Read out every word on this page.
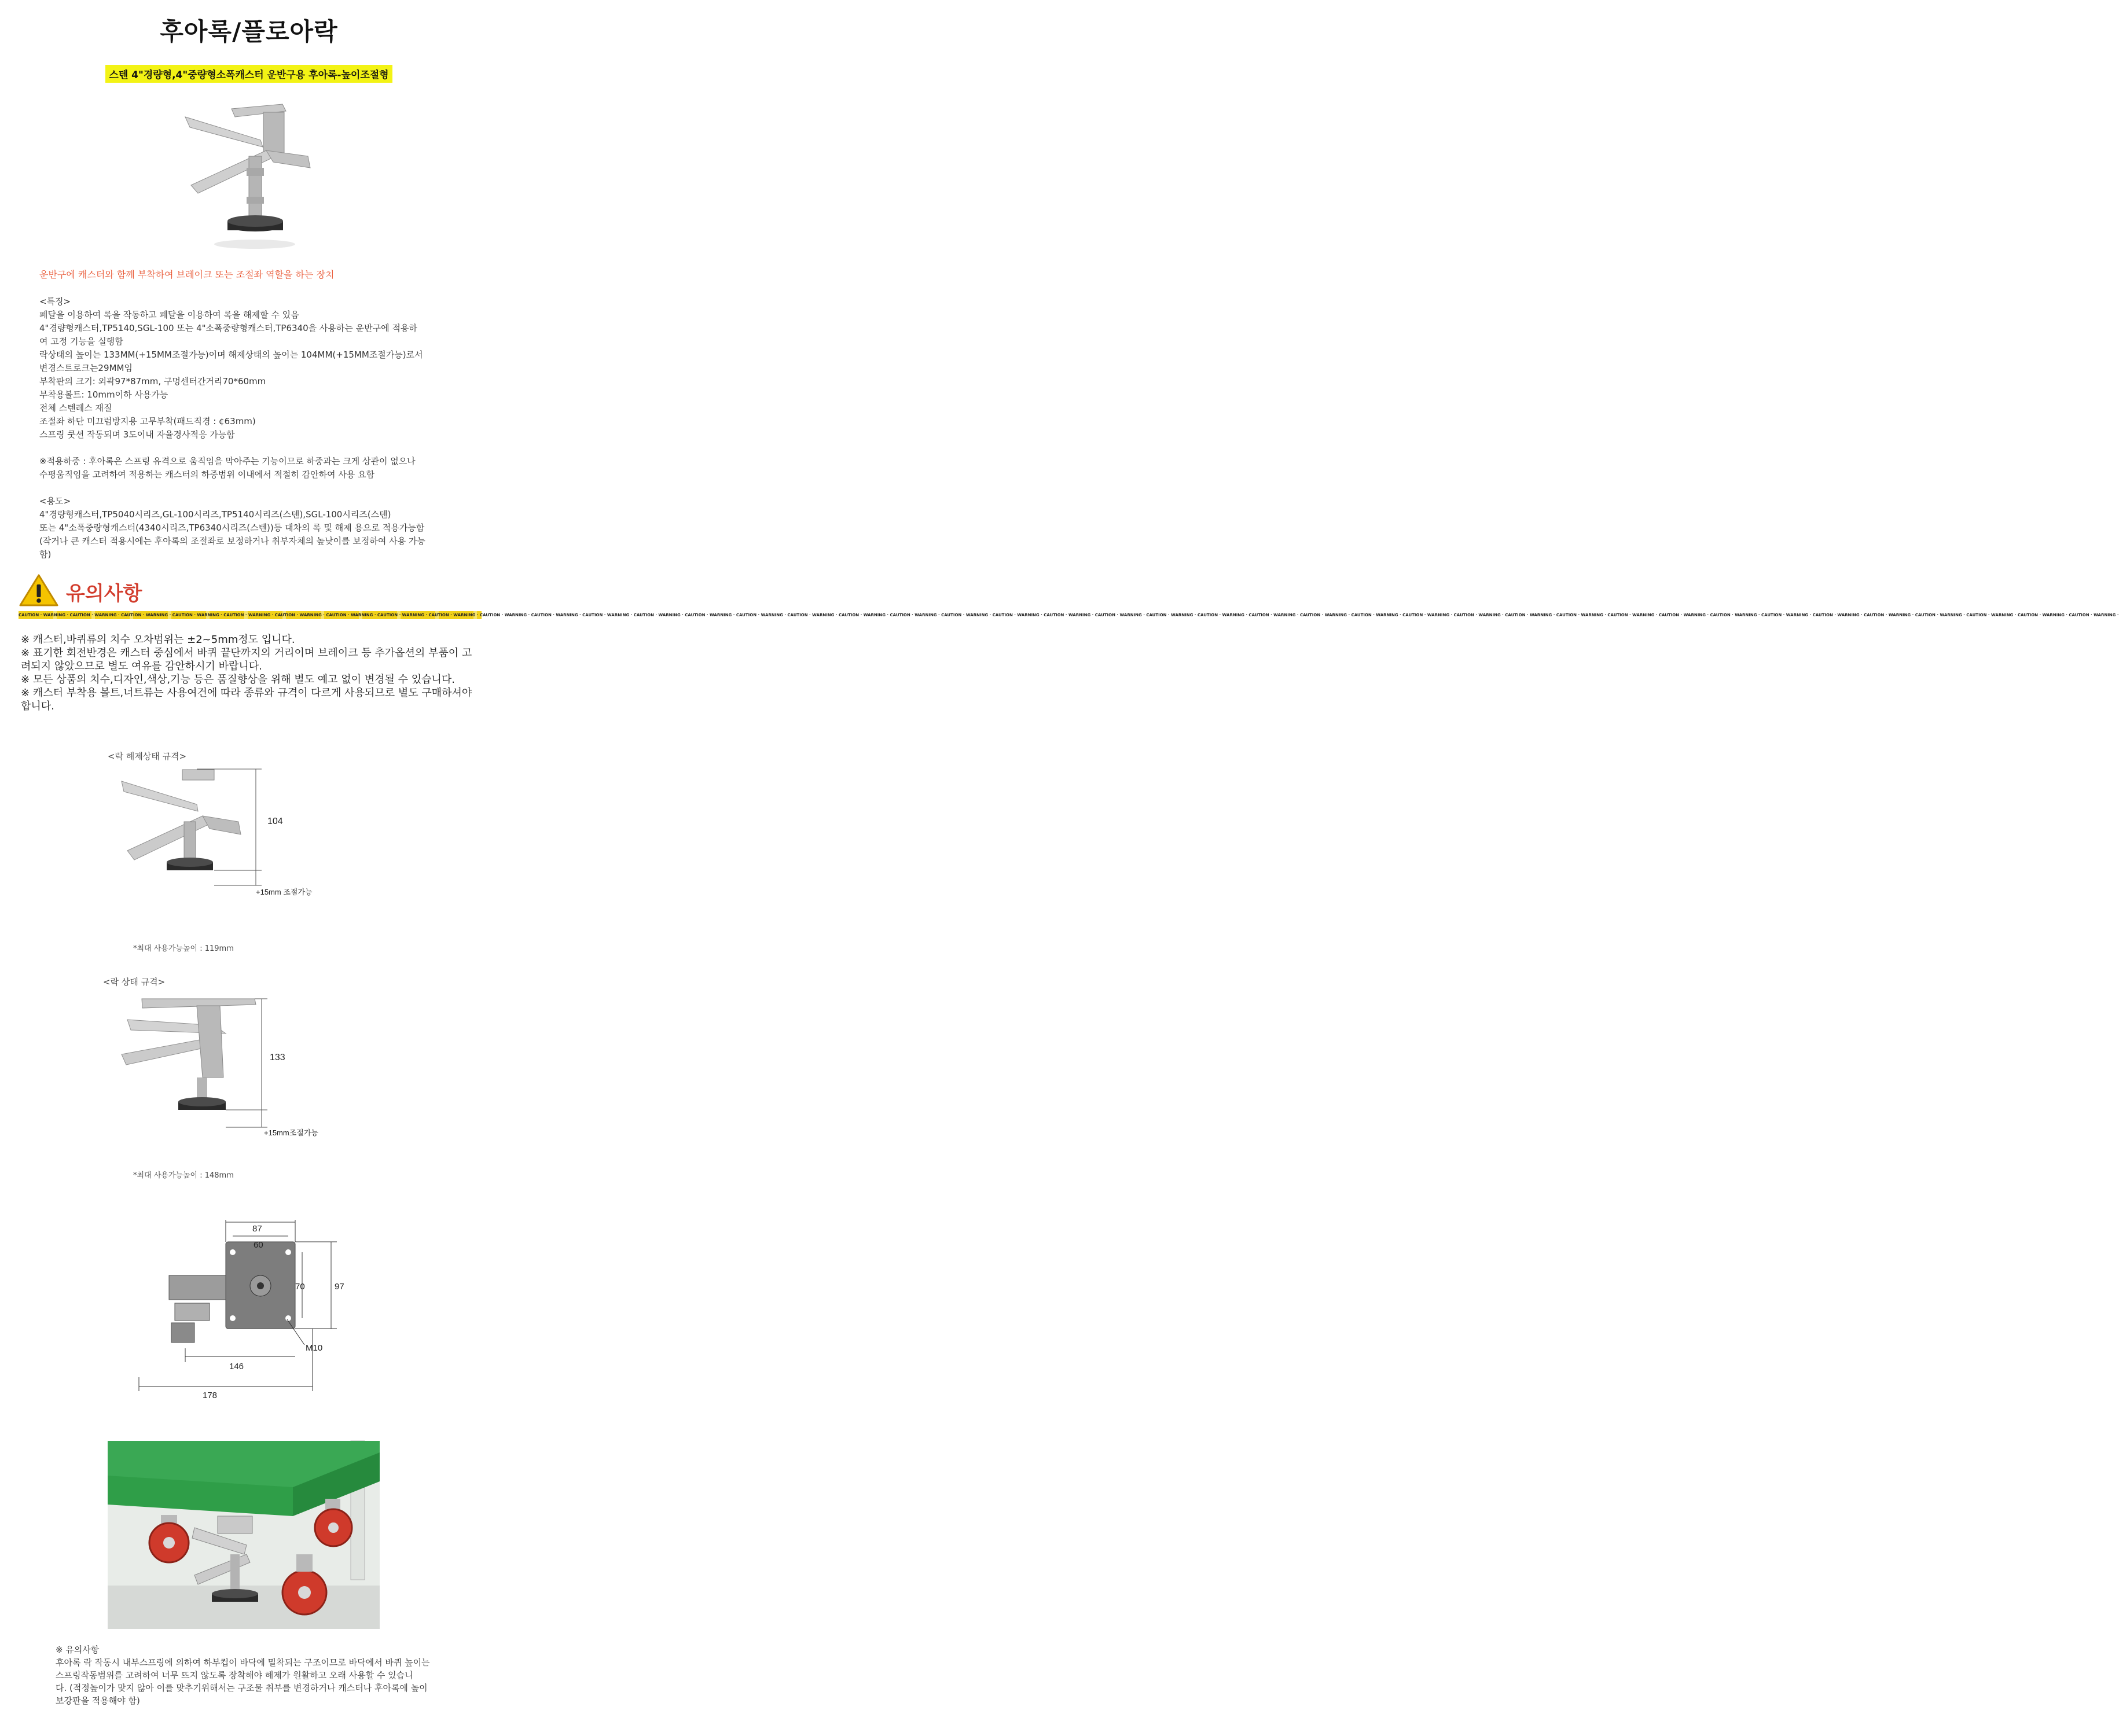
후아록/플로아락
스텐 4"경량형,4"중량형소폭캐스터 운반구용 후아록-높이조절형
운반구에 캐스터와 함께 부착하여 브레이크 또는 조절좌 역할을 하는 장치
<특징>
페달을 이용하여 록을 작동하고 페달을 이용하여 록을 해제할 수 있음
4"경량형캐스터,TP5140,SGL-100 또는 4"소폭중량형캐스터,TP6340을 사용하는 운반구에 적용하
여 고정 기능을 실행함
락상태의 높이는 133MM(+15MM조절가능)이며 해제상태의 높이는 104MM(+15MM조절가능)로서
변경스트로크는29MM임
부착판의 크기: 외곽97*87mm, 구멍센터간거리70*60mm
부착용볼트: 10mm이하 사용가능
전체 스텐레스 재질
조절좌 하단 미끄럼방지용 고무부착(패드직경 : ¢63mm)
스프링 쿳션 작동되며 3도이내 자율경사적응 가능함

※적용하중 : 후아록은 스프링 유격으로 움직임을 막아주는 기능이므로 하중과는 크게 상관이 없으나
수평움직임을 고려하여 적용하는 캐스터의 하중범위 이내에서 적절히 감안하여 사용 요함

<용도>
4"경량형캐스터,TP5040시리즈,GL-100시리즈,TP5140시리즈(스텐),SGL-100시리즈(스텐)
또는 4"소폭중량형캐스터(4340시리즈,TP6340시리즈(스텐))등 대차의 록 및 해제 용으로 적용가능함
(작거나 큰 캐스터 적용시에는 후아록의 조절좌로 보정하거나 취부자체의 높낮이를 보정하여 사용 가능
함)
유의사항
CAUTION · WARNING · CAUTION · WARNING · CAUTION · WARNING · CAUTION · WARNING · CAUTION · WARNING · CAUTION · WARNING · CAUTION · WARNING · CAUTION · WARNING · CAUTION · WARNING · CAUTION · WARNING · CAUTION · WARNING · CAUTION · WARNING · CAUTION · WARNING · CAUTION · WARNING · CAUTION · WARNING · CAUTION · WARNING · CAUTION · WARNING · CAUTION · WARNING · CAUTION · WARNING · CAUTION · WARNING · CAUTION · WARNING · CAUTION · WARNING · CAUTION · WARNING · CAUTION · WARNING · CAUTION · WARNING · CAUTION · WARNING · CAUTION · WARNING · CAUTION · WARNING · CAUTION · WARNING · CAUTION · WARNING · CAUTION · WARNING · CAUTION · WARNING · CAUTION · WARNING · CAUTION · WARNING · CAUTION · WARNING · CAUTION · WARNING · CAUTION · WARNING · CAUTION · WARNING · CAUTION · WARNING · CAUTION · WARNING · CAUTION · WARNING ·

※ 캐스터,바퀴류의 치수 오차범위는 ±2~5mm정도 입니다.

※ 표기한 회전반경은 캐스터 중심에서 바퀴 끝단까지의 거리이며 브레이크 등 추가옵션의 부품이 고려되지 않았으므로 별도 여유를 감안하시기 바랍니다.

※ 모든 상품의 치수,디자인,색상,기능 등은 품질향상을 위해 별도 예고 없이 변경될 수 있습니다.

※ 캐스터 부착용 볼트,너트류는 사용여건에 따라 종류와 규격이 다르게 사용되므로 별도 구매하셔야 합니다.

<락 해제상태 규격>
104
+15mm 조절가능
*최대 사용가능높이 : 119mm
<락 상태 규격>
133
+15mm조절가능
*최대 사용가능높이 : 148mm
87
60
70	97
146
178
M10
※ 유의사항
후아록 락 작동시 내부스프링에 의하여 하부컵이 바닥에 밀착되는 구조이므로 바닥에서 바퀴 높이는
스프링작동범위를 고려하여 너무 뜨지 않도록 장착해야 해제가 원활하고 오래 사용할 수 있습니
다. (적정높이가 맞지 않아 이를 맞추기위해서는 구조물 취부를 변경하거나 캐스터나 후아록에 높이
보강판을 적용해야 함)
